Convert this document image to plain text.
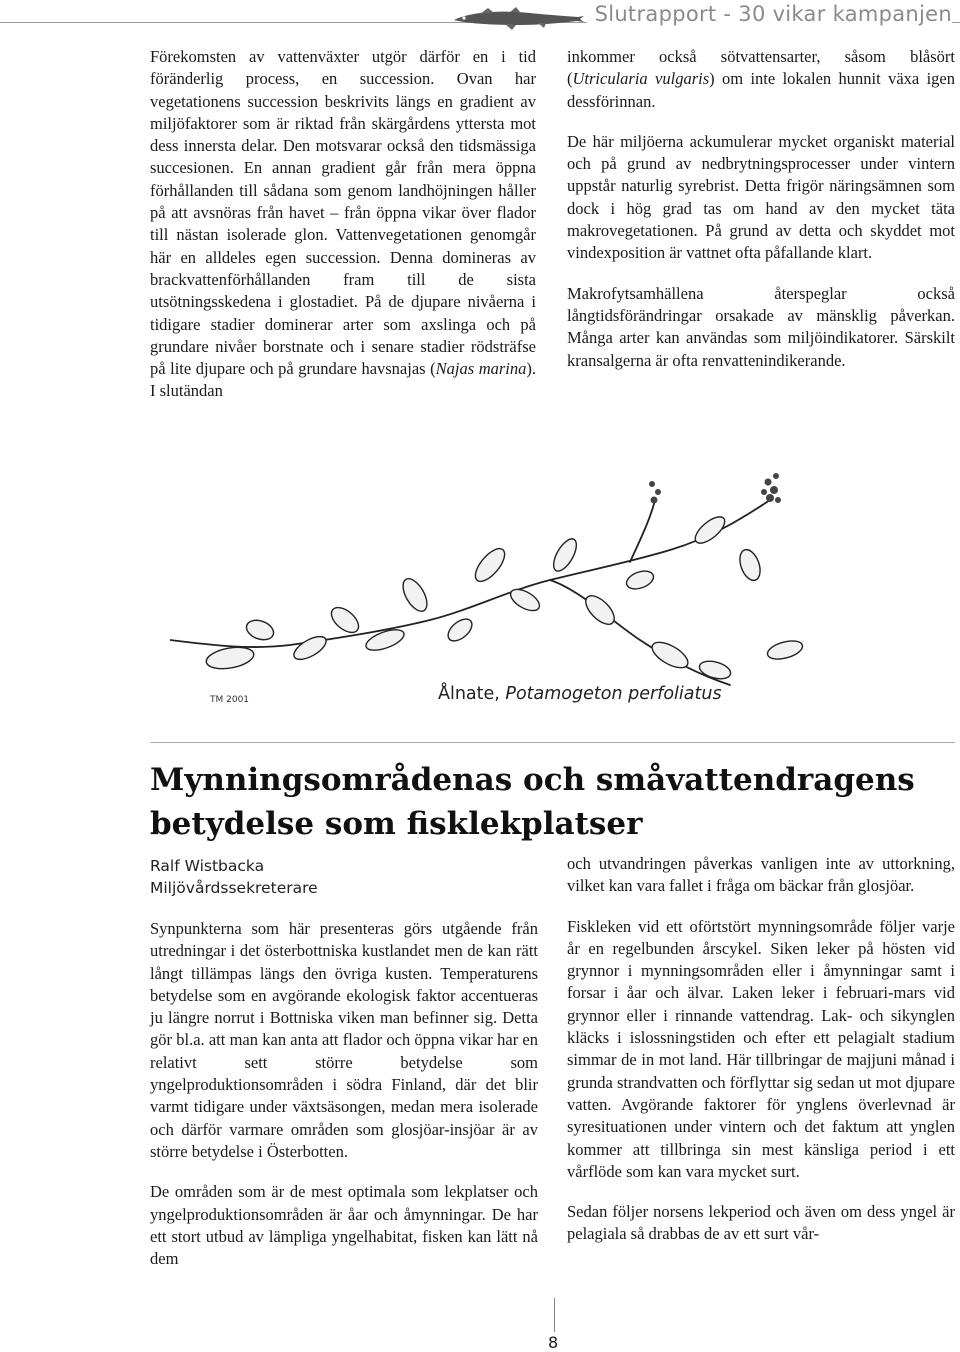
Slutrapport - 30 vikar kampanjen

Förekomsten av vattenväxter utgör därför en i tid föränderlig process, en succession. Ovan har vegetationens succession beskrivits längs en gradient av miljöfaktorer som är riktad från skärgårdens yttersta mot dess innersta delar. Den motsvarar också den tidsmässiga succesionen. En annan gradient går från mera öppna förhållanden till sådana som genom landhöjningen håller på att avsnöras från havet – från öppna vikar över flador till nästan isolerade glon. Vattenvegetationen genomgår här en alldeles egen succession. Denna domineras av brackvattenförhållanden fram till de sista utsötningsskedena i glostadiet. På de djupare nivåerna i tidigare stadier dominerar arter som axslinga och på grundare nivåer borstnate och i senare stadier rödsträfse på lite djupare och på grundare havsnajas (Najas marina). I slutändan

inkommer också sötvattensarter, såsom blåsört (Utricularia vulgaris) om inte lokalen hunnit växa igen dessförinnan.

De här miljöerna ackumulerar mycket organiskt material och på grund av nedbrytningsprocesser under vintern uppstår naturlig syrebrist. Detta frigör näringsämnen som dock i hög grad tas om hand av den mycket täta makrovegetationen. På grund av detta och skyddet mot vindexposition är vattnet ofta påfallande klart.

Makrofytsamhällena återspeglar också långtidsförändringar orsakade av mänsklig påverkan. Många arter kan användas som miljöindikatorer. Särskilt kransalgerna är ofta renvattenindikerande.

TM 2001	Ålnate, Potamogeton perfoliatus
Mynningsområdenas och småvattendragens betydelse som fisklekplatser
Ralf Wistbacka
Miljövårdssekreterare

Synpunkterna som här presenteras görs utgående från utredningar i det österbottniska kustlandet men de kan rätt långt tillämpas längs den övriga kusten. Temperaturens betydelse som en avgörande ekologisk faktor accentueras ju längre norrut i Bottniska viken man befinner sig. Detta gör bl.a. att man kan anta att flador och öppna vikar har en relativt sett större betydelse som yngelproduktionsområden i södra Finland, där det blir varmt tidigare under växtsäsongen, medan mera isolerade och därför varmare områden som glosjöar-insjöar är av större betydelse i Österbotten.

De områden som är de mest optimala som lekplatser och yngelproduktionsområden är åar och åmynningar. De har ett stort utbud av lämpliga yngelhabitat, fisken kan lätt nå dem

och utvandringen påverkas vanligen inte av uttorkning, vilket kan vara fallet i fråga om bäckar från glosjöar.

Fiskleken vid ett oförtstört mynningsområde följer varje år en regelbunden årscykel. Siken leker på hösten vid grynnor i mynningsområden eller i åmynningar samt i forsar i åar och älvar. Laken leker i februari-mars vid grynnor eller i rinnande vattendrag. Lak- och sikynglen kläcks i islossningstiden och efter ett pelagialt stadium simmar de in mot land. Här tillbringar de majjuni månad i grunda strandvatten och förflyttar sig sedan ut mot djupare vatten. Avgörande faktorer för ynglens överlevnad är syresituationen under vintern och det faktum att ynglen kommer att tillbringa sin mest känsliga period i ett vårflöde som kan vara mycket surt.

Sedan följer norsens lekperiod och även om dess yngel är pelagiala så drabbas de av ett surt vår-

8
